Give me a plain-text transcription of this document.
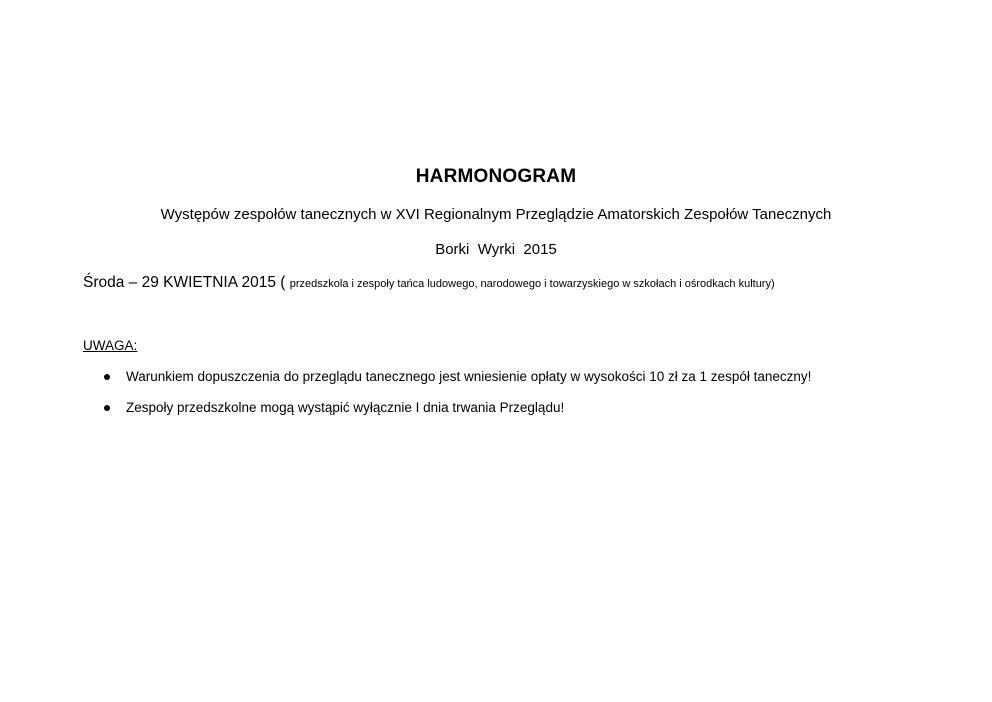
HARMONOGRAM
Występów zespołów tanecznych w XVI Regionalnym Przeglądzie Amatorskich Zespołów Tanecznych
Borki  Wyrki  2015
Środa – 29 KWIETNIA 2015 ( przedszkola i zespoły tańca ludowego, narodowego i towarzyskiego w szkołach i ośrodkach kultury)
UWAGA:
Warunkiem dopuszczenia do przeglądu tanecznego jest wniesienie opłaty w wysokości 10 zł za 1 zespół taneczny!
Zespoły przedszkolne mogą wystąpić wyłącznie I dnia trwania Przeglądu!
